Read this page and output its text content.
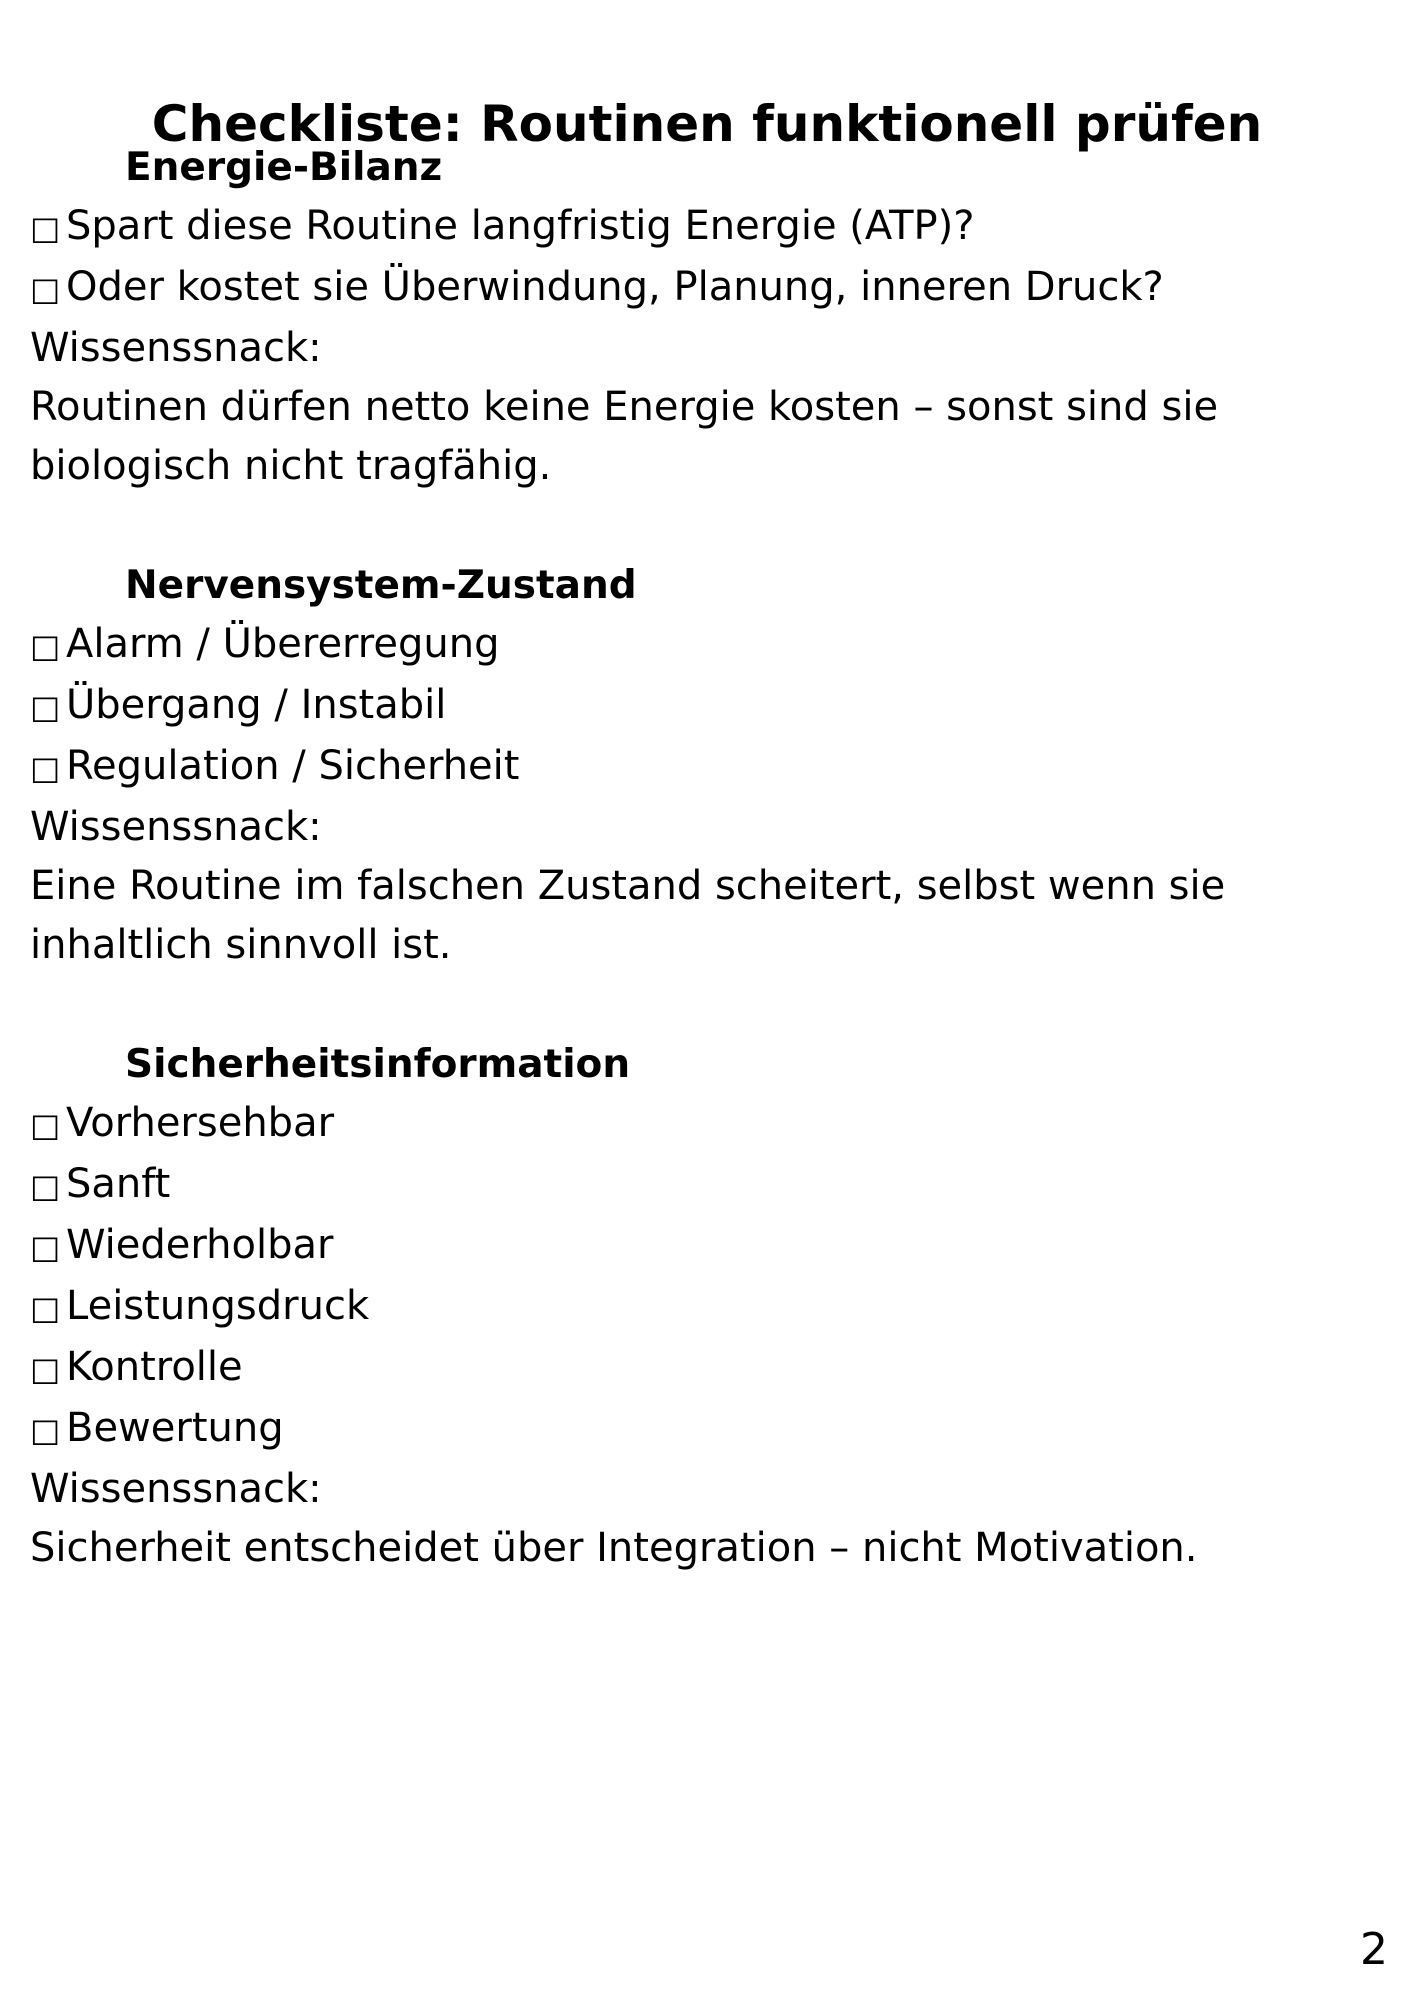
Checkliste: Routinen funktionell prüfen
Energie-Bilanz
□ Spart diese Routine langfristig Energie (ATP)?
□ Oder kostet sie Überwindung, Planung, inneren Druck?
Wissenssnack:
Routinen dürfen netto keine Energie kosten – sonst sind sie biologisch nicht tragfähig.
Nervensystem-Zustand
□ Alarm / Übererregung
□ Übergang / Instabil
□ Regulation / Sicherheit
Wissenssnack:
Eine Routine im falschen Zustand scheitert, selbst wenn sie inhaltlich sinnvoll ist.
Sicherheitsinformation
□ Vorhersehbar
□ Sanft
□ Wiederholbar
□ Leistungsdruck
□ Kontrolle
□ Bewertung
Wissenssnack:
Sicherheit entscheidet über Integration – nicht Motivation.
2
